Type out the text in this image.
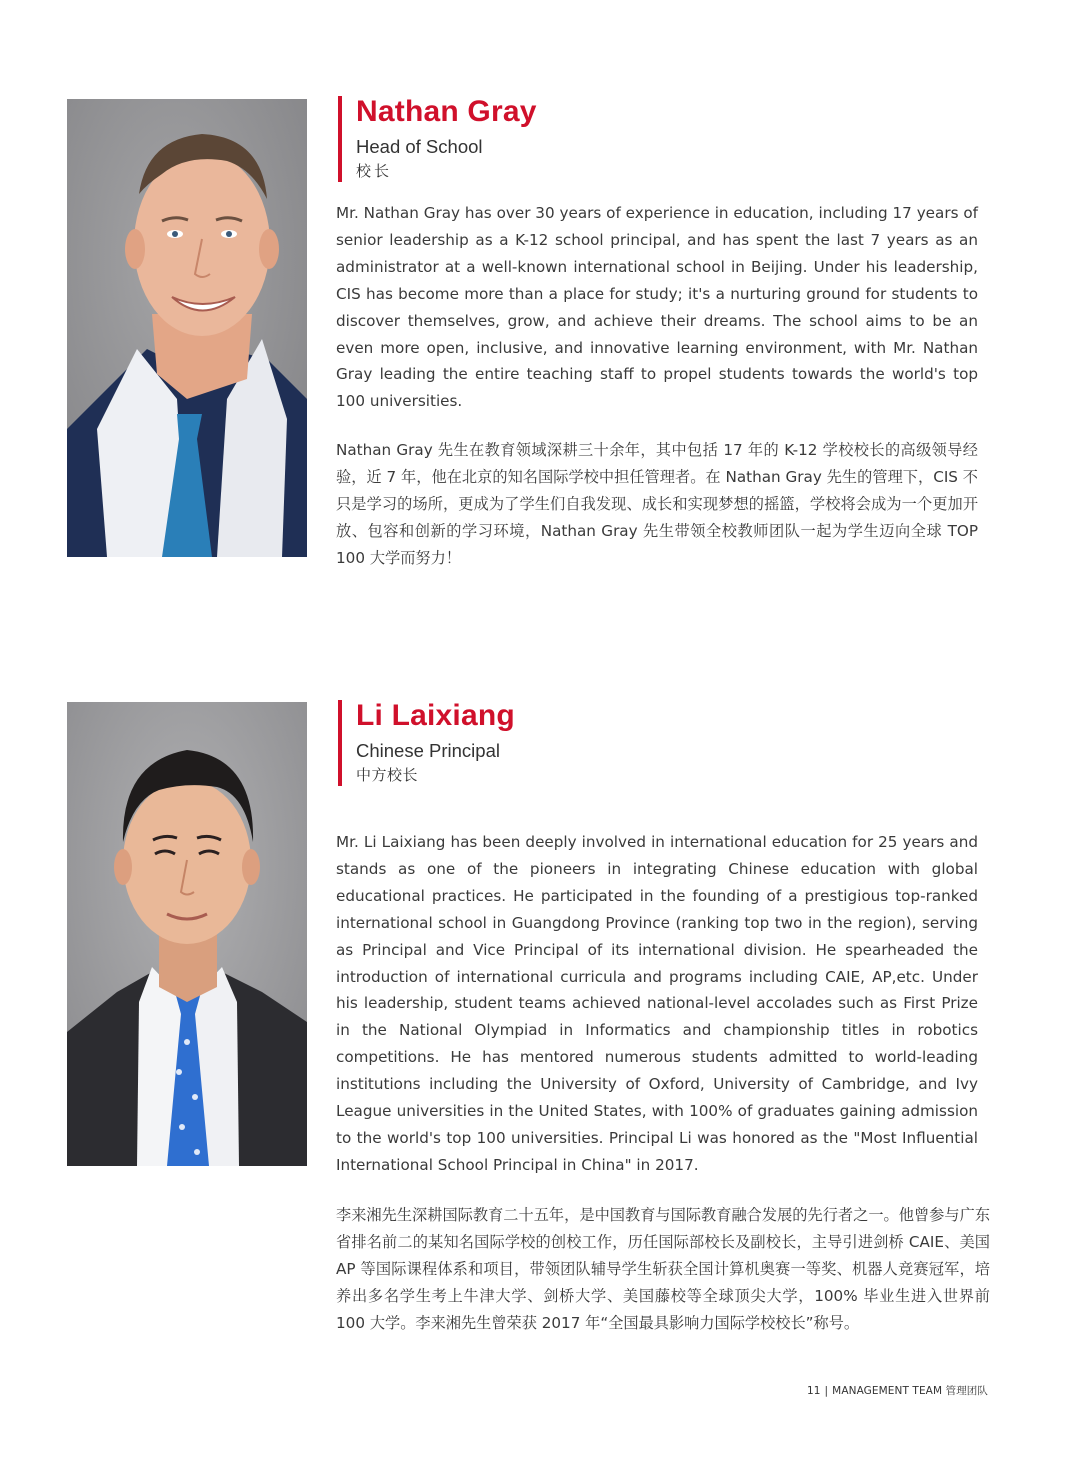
Nathan Gray
Head of School
校长

Mr. Nathan Gray has over 30 years of experience in education, including 17 years of senior leadership as a K-12 school principal, and has spent the last 7 years as an administrator at a well-known international school in Beijing. Under his leadership, CIS has become more than a place for study; it's a nurturing ground for students to discover themselves, grow, and achieve their dreams. The school aims to be an even more open, inclusive, and innovative learning environment, with Mr. Nathan Gray leading the entire teaching staff to propel students towards the world's top 100 universities.

Nathan Gray 先生在教育领域深耕三十余年，其中包括 17 年的 K-12 学校校长的高级领导经验，近 7 年，他在北京的知名国际学校中担任管理者。在 Nathan Gray 先生的管理下，CIS 不只是学习的场所，更成为了学生们自我发现、成长和实现梦想的摇篮，学校将会成为一个更加开放、包容和创新的学习环境，Nathan Gray 先生带领全校教师团队一起为学生迈向全球 TOP 100 大学而努力！

Li Laixiang
Chinese Principal
中方校长

Mr. Li Laixiang has been deeply involved in international education for 25 years and stands as one of the pioneers in integrating Chinese education with global educational practices. He participated in the founding of a prestigious top-ranked international school in Guangdong Province (ranking top two in the region), serving as Principal and Vice Principal of its international division. He spearheaded the introduction of international curricula and programs including CAIE, AP,etc. Under his leadership, student teams achieved national-level accolades such as First Prize in the National Olympiad in Informatics and championship titles in robotics competitions. He has mentored numerous students admitted to world-leading institutions including the University of Oxford, University of Cambridge, and Ivy League universities in the United States, with 100% of graduates gaining admission to the world's top 100 universities. Principal Li was honored as the "Most Influential International School Principal in China" in 2017.

李来湘先生深耕国际教育二十五年，是中国教育与国际教育融合发展的先行者之一。他曾参与广东省排名前二的某知名国际学校的创校工作，历任国际部校长及副校长，主导引进剑桥 CAIE、美国 AP 等国际课程体系和项目，带领团队辅导学生斩获全国计算机奥赛一等奖、机器人竞赛冠军，培养出多名学生考上牛津大学、剑桥大学、美国藤校等全球顶尖大学，100% 毕业生进入世界前 100 大学。李来湘先生曾荣获 2017 年“全国最具影响力国际学校校长”称号。

11 | MANAGEMENT TEAM 管理团队
